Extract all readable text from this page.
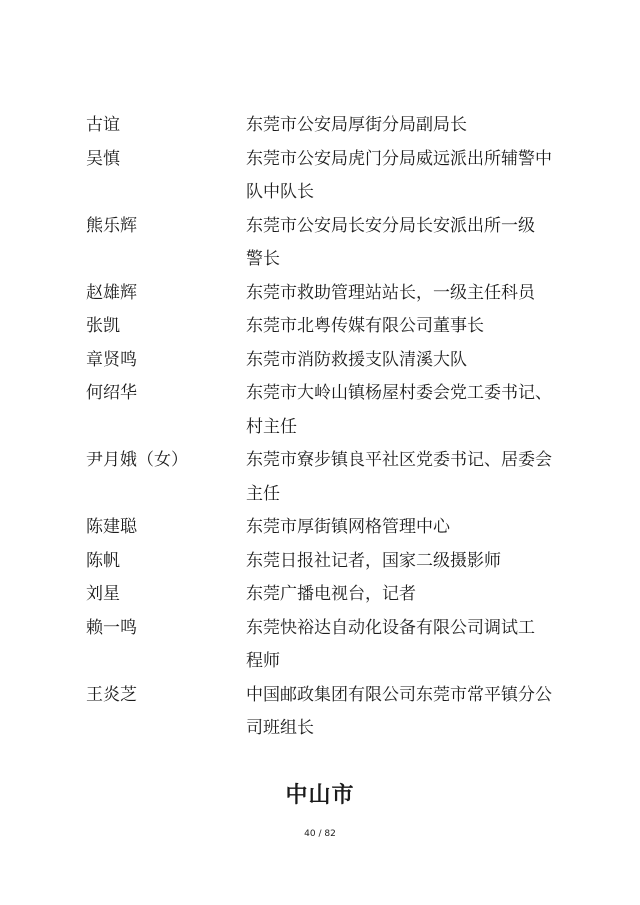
古谊	东莞市公安局厚街分局副局长
吴慎	东莞市公安局虎门分局威远派出所辅警中
队中队长
熊乐辉	东莞市公安局长安分局长安派出所一级
警长
赵雄辉	东莞市救助管理站站长，一级主任科员
张凯	东莞市北粤传媒有限公司董事长
章贤鸣	东莞市消防救援支队清溪大队
何绍华	东莞市大岭山镇杨屋村委会党工委书记、
村主任
尹月娥（女）	东莞市寮步镇良平社区党委书记、居委会
主任
陈建聪	东莞市厚街镇网格管理中心
陈帆	东莞日报社记者，国家二级摄影师
刘星	东莞广播电视台，记者
赖一鸣	东莞快裕达自动化设备有限公司调试工
程师
王炎芝	中国邮政集团有限公司东莞市常平镇分公
司班组长
中山市
40 / 82
